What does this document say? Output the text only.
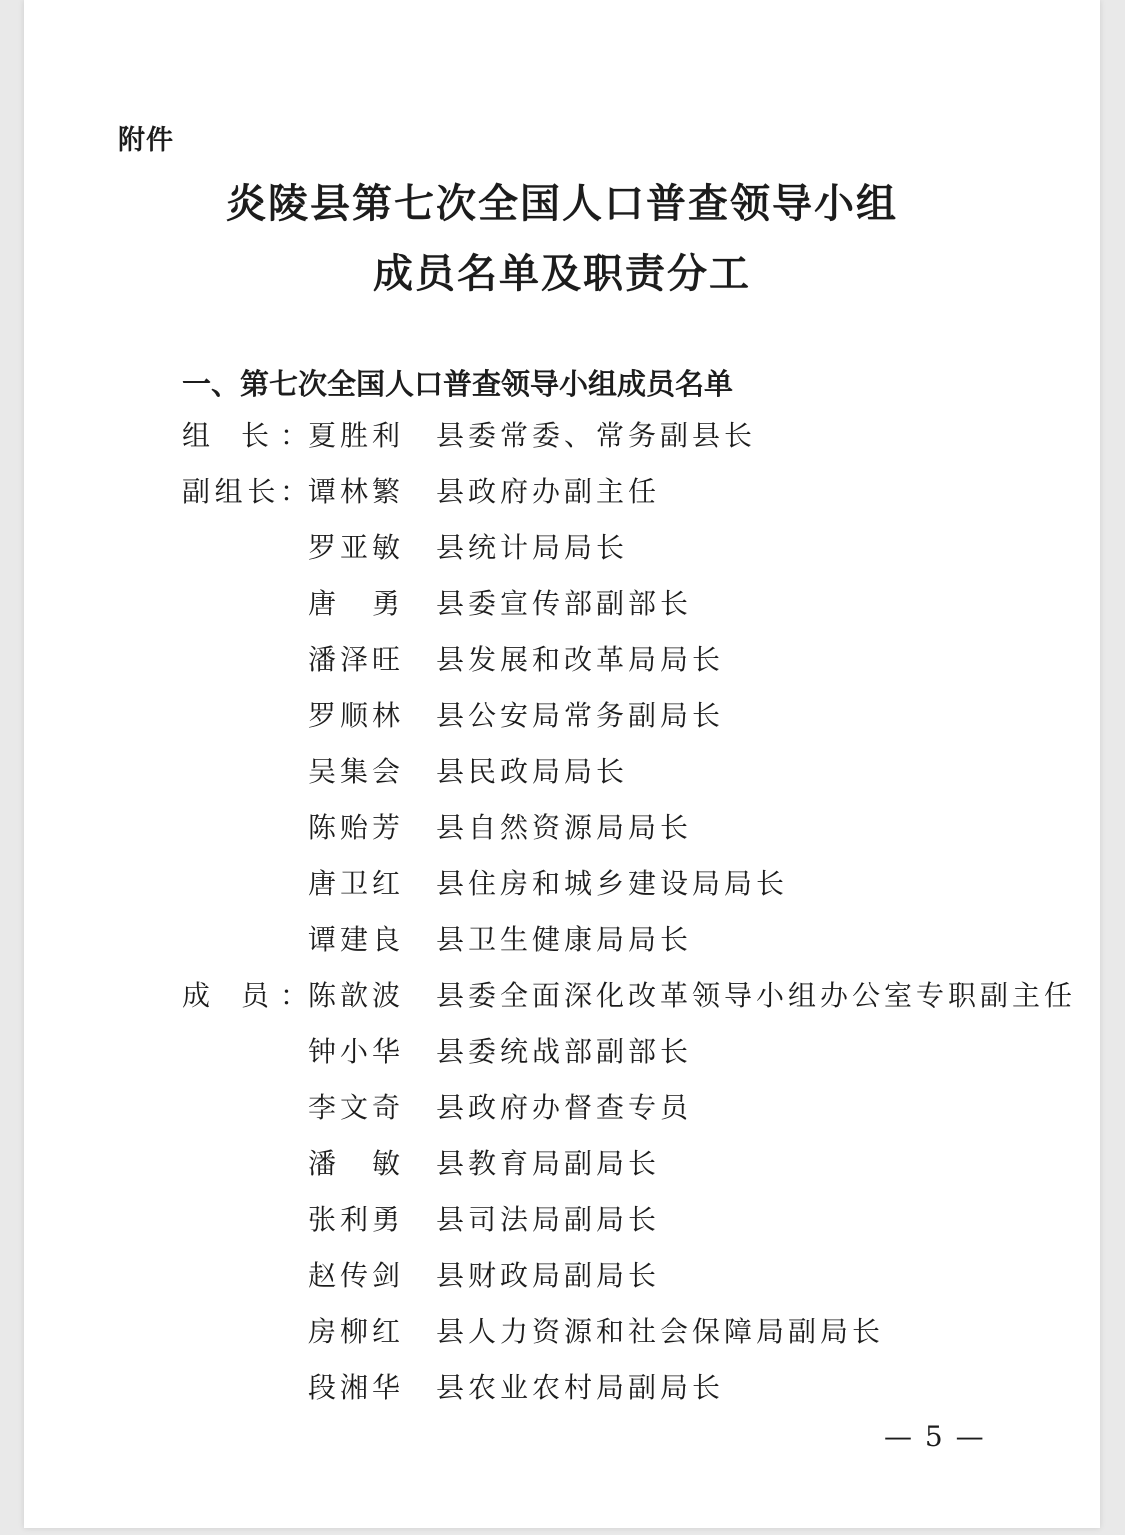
附件
炎陵县第七次全国人口普查领导小组
成员名单及职责分工
一、第七次全国人口普查领导小组成员名单
组 长：
夏胜利 县委常委、常务副县长
副组长：
谭林繁 县政府办副主任
罗亚敏 县统计局局长
唐 勇 县委宣传部副部长
潘泽旺 县发展和改革局局长
罗顺林 县公安局常务副局长
吴集会 县民政局局长
陈贻芳 县自然资源局局长
唐卫红 县住房和城乡建设局局长
谭建良 县卫生健康局局长
成 员：
陈歆波 县委全面深化改革领导小组办公室专职副主任
钟小华 县委统战部副部长
李文奇 县政府办督查专员
潘 敏 县教育局副局长
张利勇 县司法局副局长
赵传剑 县财政局副局长
房柳红 县人力资源和社会保障局副局长
段湘华 县农业农村局副局长
— 5 —
